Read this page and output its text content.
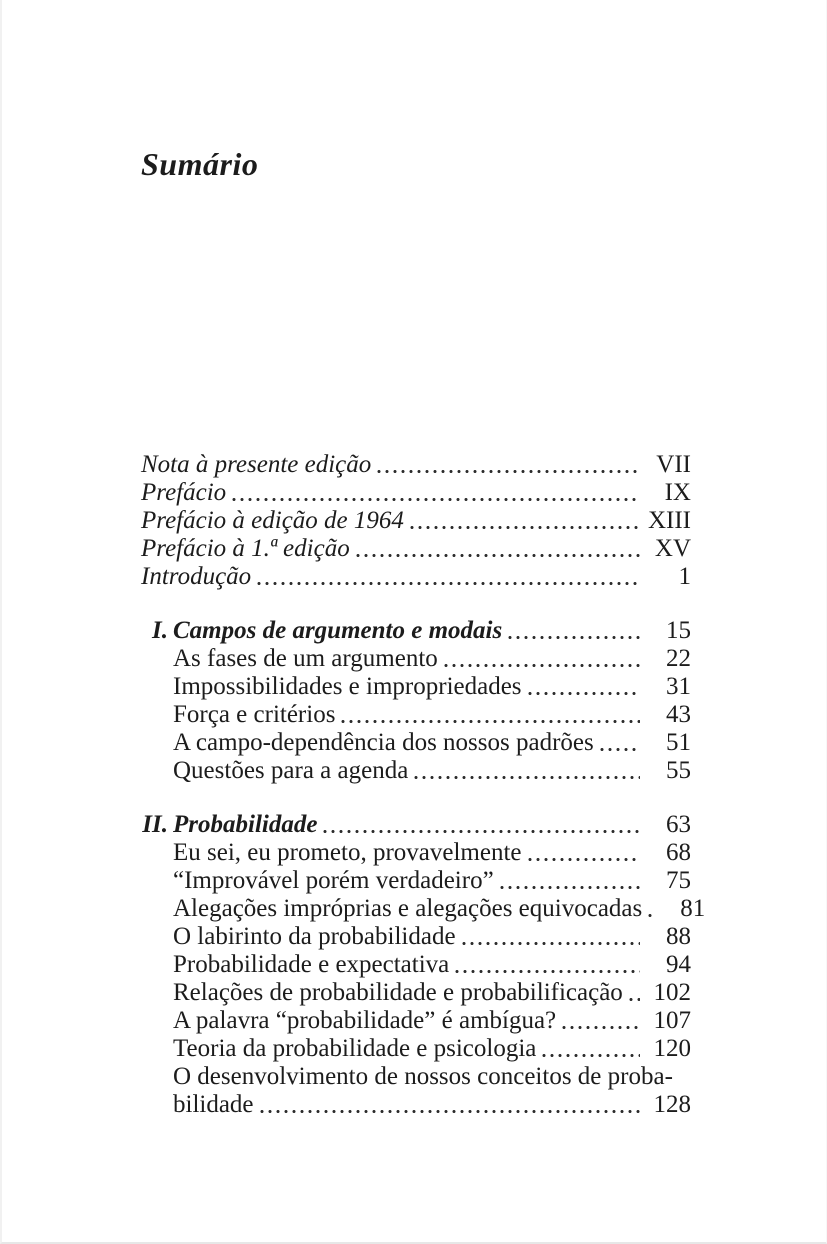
Sumário
Nota à presente edição	VII
Prefácio	IX
Prefácio à edição de 1964	XIII
Prefácio à 1.ª edição	XV
Introdução	1
I. Campos de argumento e modais	15
As fases de um argumento	22
Impossibilidades e impropriedades	31
Força e critérios	43
A campo-dependência dos nossos padrões	51
Questões para a agenda	55
II. Probabilidade	63
Eu sei, eu prometo, provavelmente	68
“Improvável porém verdadeiro”	75
Alegações impróprias e alegações equivocadas	81
O labirinto da probabilidade	88
Probabilidade e expectativa	94
Relações de probabilidade e probabilificação	102
A palavra “probabilidade” é ambígua?	107
Teoria da probabilidade e psicologia	120
O desenvolvimento de nossos conceitos de proba-
bilidade	128
